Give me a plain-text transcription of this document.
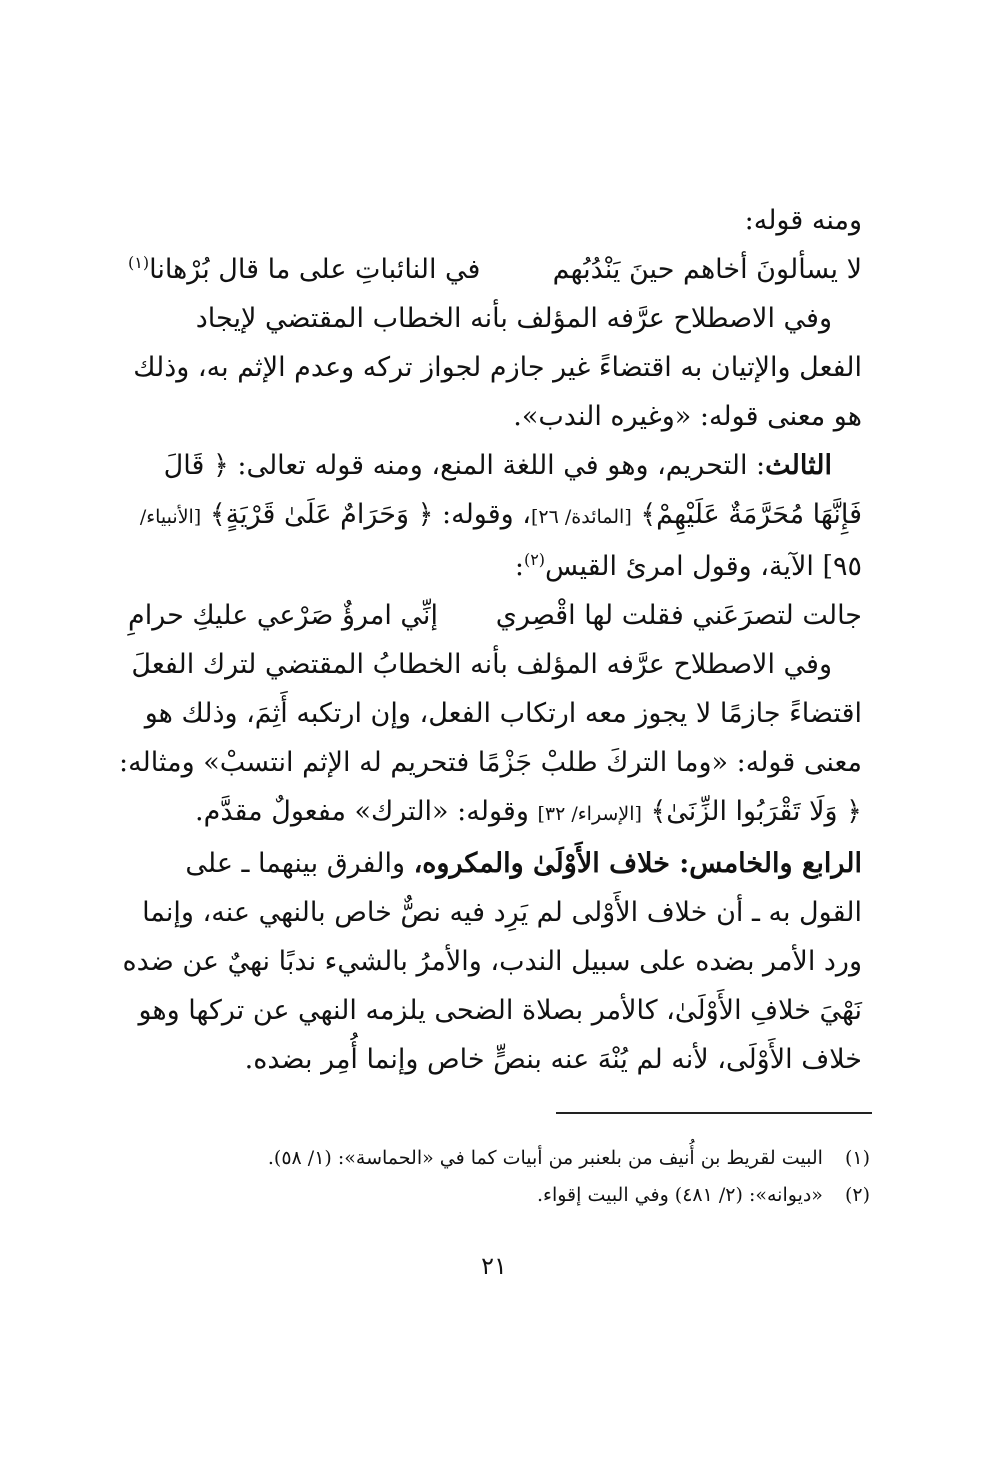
ومنه قوله:
لا يسألونَ أخاهم حينَ يَنْدُبُهم
في النائباتِ على ما قال بُرْهانا$^{(١)}$
وفي الاصطلاح عرَّفه المؤلف بأنه الخطاب المقتضي لإيجاد
الفعل والإتيان به اقتضاءً غير جازم لجواز تركه وعدم الإثم به، وذلك
هو معنى قوله: «وغيره الندب».
الثالث: التحريم، وهو في اللغة المنع، ومنه قوله تعالى: ﴿ قَالَ
فَإِنَّهَا مُحَرَّمَةٌ عَلَيْهِمْ﴾ [المائدة/ ٢٦]، وقوله: ﴿ وَحَرَامٌ عَلَىٰ قَرْيَةٍ﴾ [الأنبياء/
٩٥] الآية، وقول امرئ القيس$^{(٢)}$:
جالت لتصرَعَني فقلت لها اقْصِري
إنِّي امرؤٌ صَرْعي عليكِ حرامِ
وفي الاصطلاح عرَّفه المؤلف بأنه الخطابُ المقتضي لترك الفعلَ
اقتضاءً جازمًا لا يجوز معه ارتكاب الفعل، وإن ارتكبه أَثِمَ، وذلك هو
معنى قوله: «وما التركَ طلبْ جَزْمًا فتحريم له الإثم انتسبْ» ومثاله:
﴿ وَلَا تَقْرَبُوا الزِّنَىٰ﴾ [الإسراء/ ٣٢] وقوله: «الترك» مفعولٌ مقدَّم.
الرابع والخامس: خلاف الأَوْلَىٰ والمكروه، والفرق بينهما ـ على
القول به ـ أن خلاف الأَوْلى لم يَرِد فيه نصٌّ خاص بالنهي عنه، وإنما
ورد الأمر بضده على سبيل الندب، والأمرُ بالشيء ندبًا نهيٌ عن ضده
نَهْيَ خلافِ الأَوْلَىٰ، كالأمر بصلاة الضحى يلزمه النهي عن تركها وهو
خلاف الأَوْلَى، لأنه لم يُنْهَ عنه بنصٍّ خاص وإنما أُمِر بضده.
(١)البيت لقريط بن أُنيف من بلعنبر من أبيات كما في «الحماسة»: (١/ ٥٨).
(٢)«ديوانه»: (٢/ ٤٨١) وفي البيت إقواء.
٢١
